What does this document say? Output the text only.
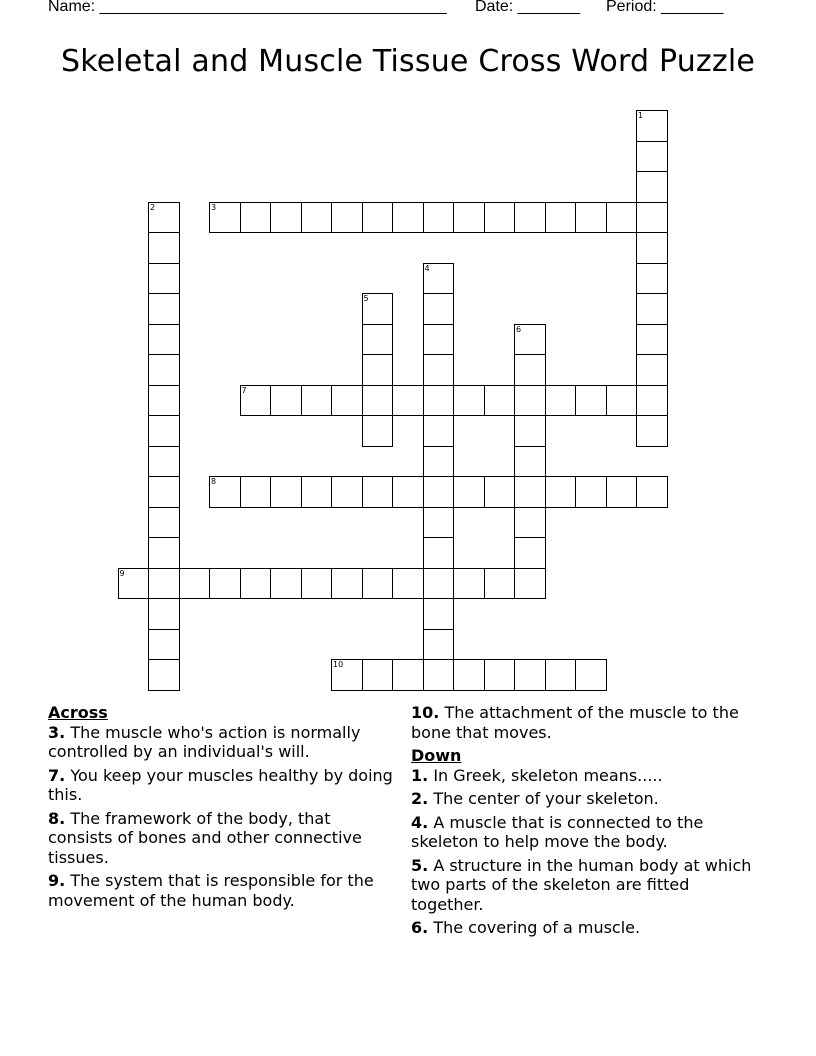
Name: _______________________________________

Date: _______

Period: _______

Skeletal and Muscle Tissue Cross Word Puzzle
1
2	3
4
5
6
7
8
9
10
Across
3. The muscle who's action is normally controlled by an individual's will.
7. You keep your muscles healthy by doing this.
8. The framework of the body, that consists of bones and other connective tissues.
9. The system that is responsible for the movement of the human body.
10. The attachment of the muscle to the bone that moves.
Down
1. In Greek, skeleton means.....
2. The center of your skeleton.
4. A muscle that is connected to the skeleton to help move the body.
5. A structure in the human body at which two parts of the skeleton are fitted together.
6. The covering of a muscle.
